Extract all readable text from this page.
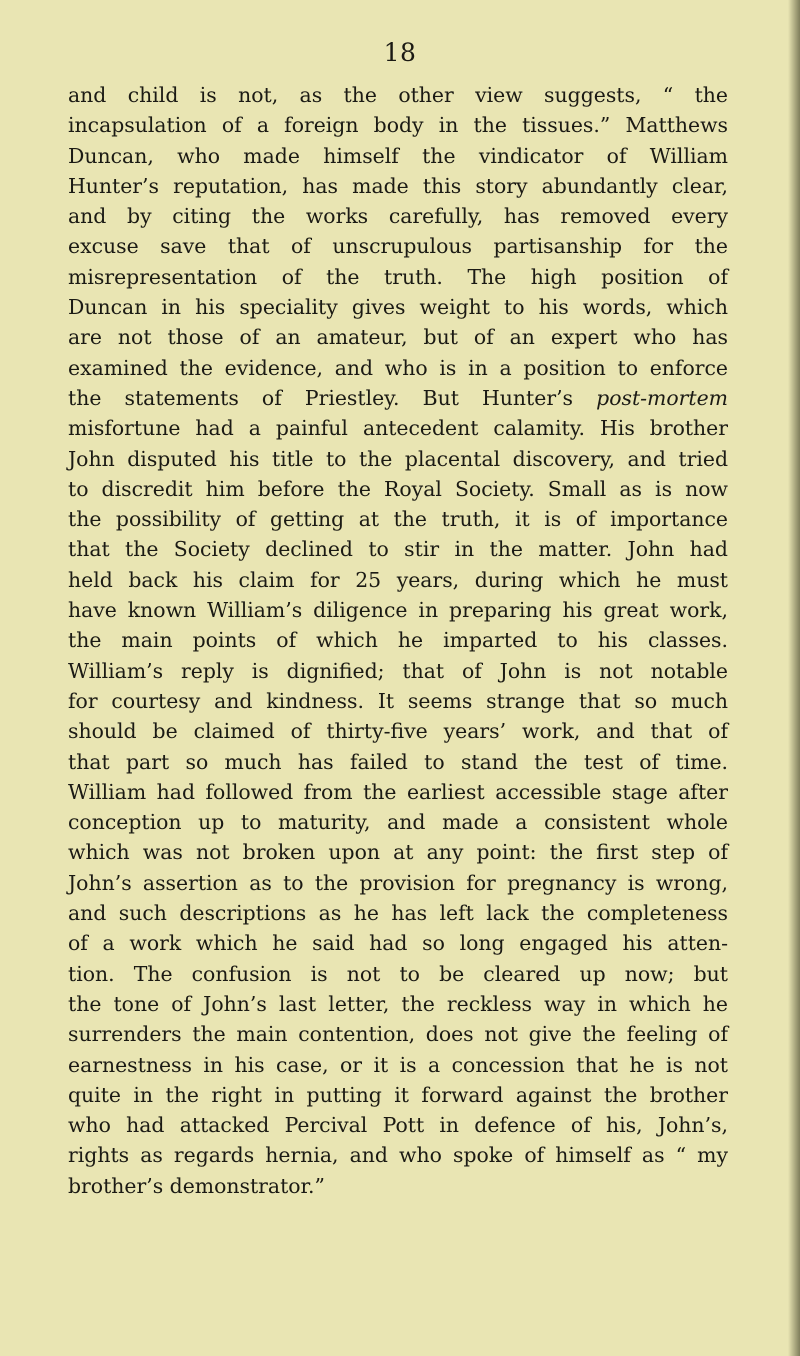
18
and child is not, as the other view suggests, “ the
incapsulation of a foreign body in the tissues.” Matthews
Duncan, who made himself the vindicator of William
Hunter’s reputation, has made this story abundantly clear,
and by citing the works carefully, has removed every
excuse save that of unscrupulous partisanship for the
misrepresentation of the truth. The high position of
Duncan in his speciality gives weight to his words, which
are not those of an amateur, but of an expert who has
examined the evidence, and who is in a position to enforce
the statements of Priestley. But Hunter’s post-mortem
misfortune had a painful antecedent calamity. His brother
John disputed his title to the placental discovery, and tried
to discredit him before the Royal Society. Small as is now
the possibility of getting at the truth, it is of importance
that the Society declined to stir in the matter. John had
held back his claim for 25 years, during which he must
have known William’s diligence in preparing his great work,
the main points of which he imparted to his classes.
William’s reply is dignified; that of John is not notable
for courtesy and kindness. It seems strange that so much
should be claimed of thirty-five years’ work, and that of
that part so much has failed to stand the test of time.
William had followed from the earliest accessible stage after
conception up to maturity, and made a consistent whole
which was not broken upon at any point: the first step of
John’s assertion as to the provision for pregnancy is wrong,
and such descriptions as he has left lack the completeness
of a work which he said had so long engaged his atten-
tion. The confusion is not to be cleared up now; but
the tone of John’s last letter, the reckless way in which he
surrenders the main contention, does not give the feeling of
earnestness in his case, or it is a concession that he is not
quite in the right in putting it forward against the brother
who had attacked Percival Pott in defence of his, John’s,
rights as regards hernia, and who spoke of himself as “ my
brother’s demonstrator.”
